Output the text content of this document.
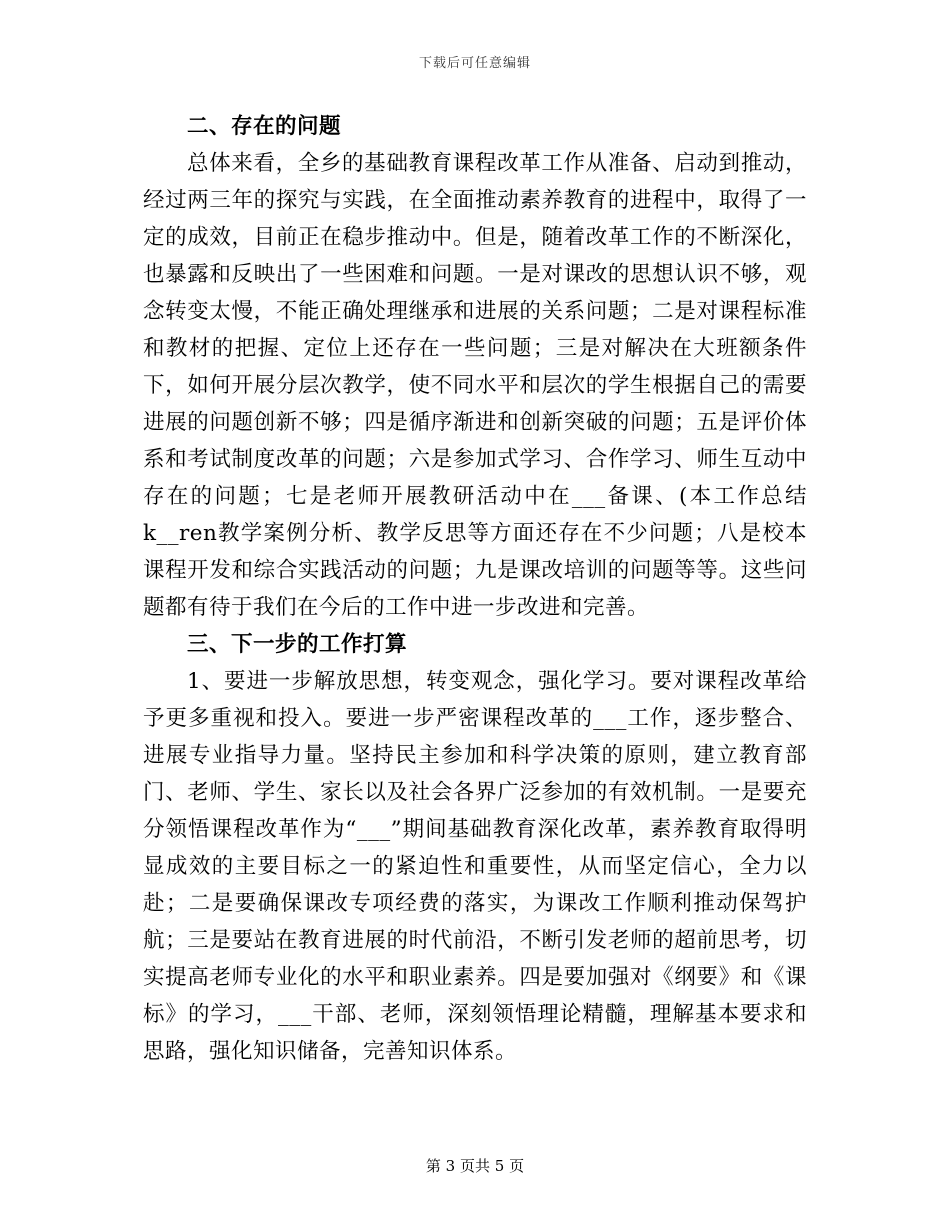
下载后可任意编辑

二、存在的问题

总体来看，全乡的基础教育课程改革工作从准备、启动到推动，经过两三年的探究与实践，在全面推动素养教育的进程中，取得了一定的成效，目前正在稳步推动中。但是，随着改革工作的不断深化，也暴露和反映出了一些困难和问题。一是对课改的思想认识不够，观念转变太慢，不能正确处理继承和进展的关系问题；二是对课程标准和教材的把握、定位上还存在一些问题；三是对解决在大班额条件下，如何开展分层次教学，使不同水平和层次的学生根据自己的需要进展的问题创新不够；四是循序渐进和创新突破的问题；五是评价体系和考试制度改革的问题；六是参加式学习、合作学习、师生互动中存在的问题；七是老师开展教研活动中在___备课、(本工作总结k__ren教学案例分析、教学反思等方面还存在不少问题；八是校本课程开发和综合实践活动的问题；九是课改培训的问题等等。这些问题都有待于我们在今后的工作中进一步改进和完善。

三、下一步的工作打算

1、要进一步解放思想，转变观念，强化学习。要对课程改革给予更多重视和投入。要进一步严密课程改革的___工作，逐步整合、进展专业指导力量。坚持民主参加和科学决策的原则，建立教育部门、老师、学生、家长以及社会各界广泛参加的有效机制。一是要充分领悟课程改革作为“___”期间基础教育深化改革，素养教育取得明显成效的主要目标之一的紧迫性和重要性，从而坚定信心，全力以赴；二是要确保课改专项经费的落实，为课改工作顺利推动保驾护航；三是要站在教育进展的时代前沿，不断引发老师的超前思考，切实提高老师专业化的水平和职业素养。四是要加强对《纲要》和《课标》的学习，___干部、老师，深刻领悟理论精髓，理解基本要求和思路，强化知识储备，完善知识体系。

第 3 页共 5 页
